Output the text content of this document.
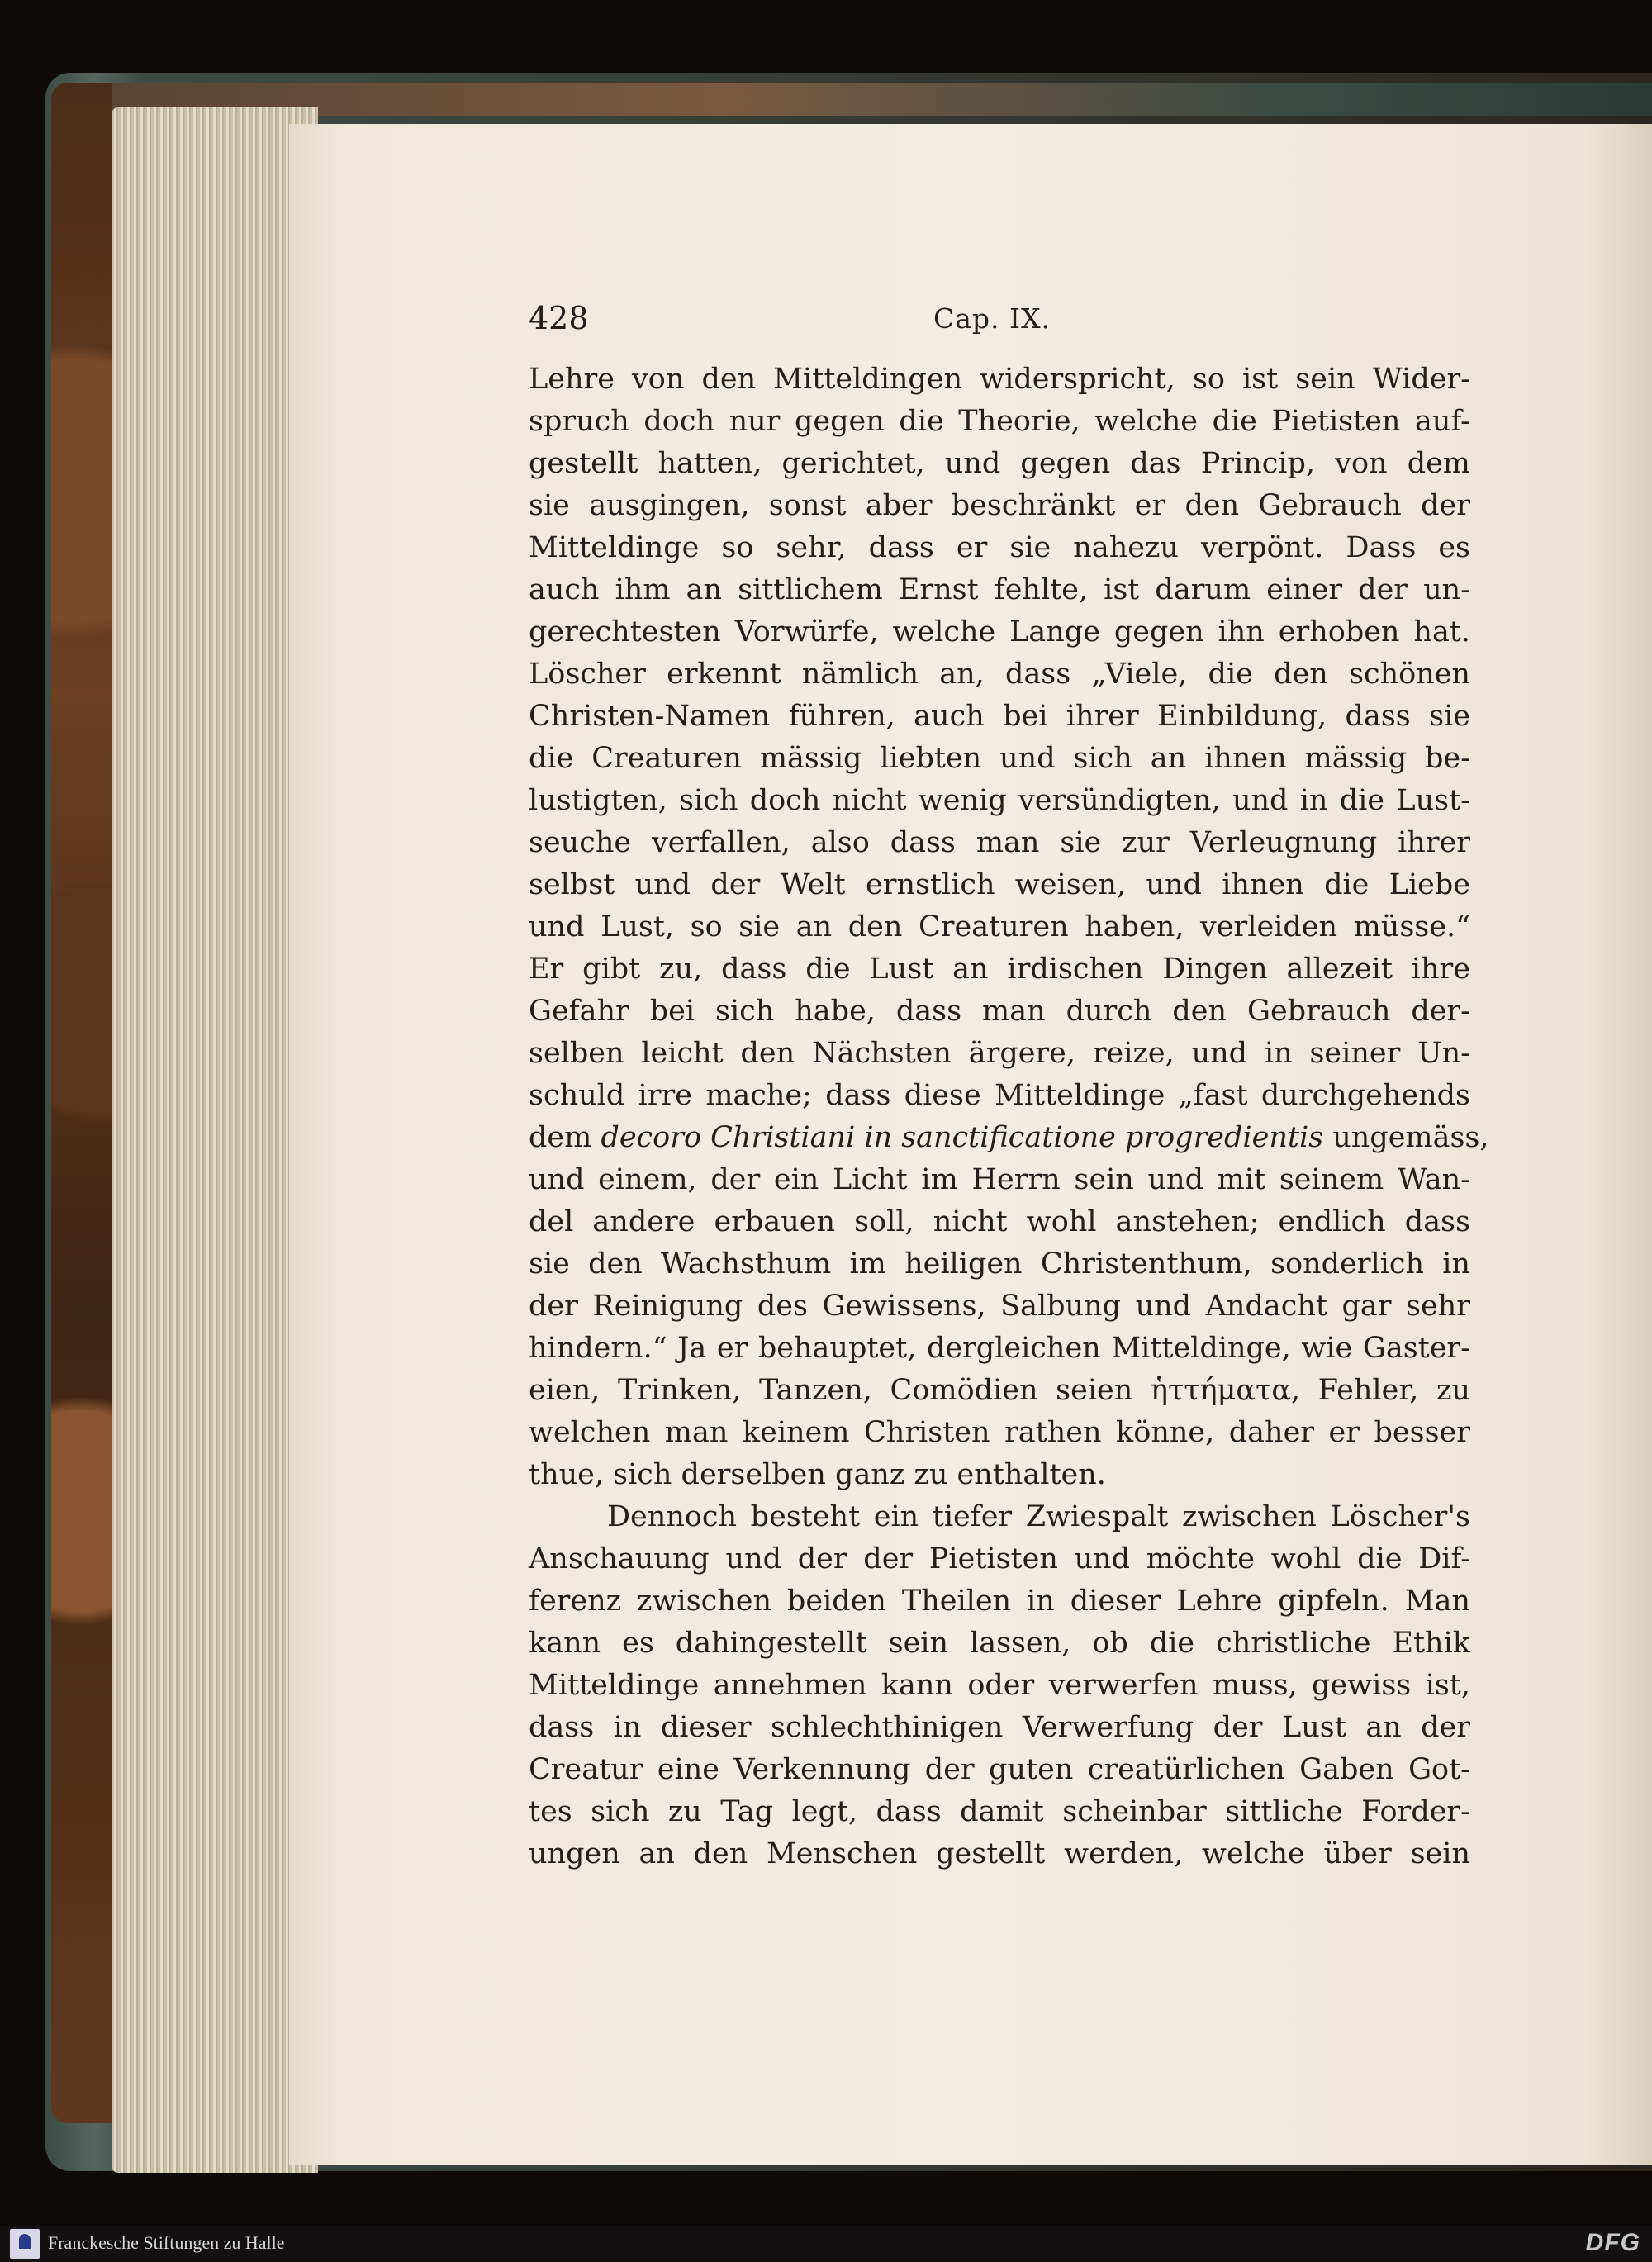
428	Cap. IX.
Lehre von den Mitteldingen widerspricht, so ist sein Wider-
spruch doch nur gegen die Theorie, welche die Pietisten auf-
gestellt hatten, gerichtet, und gegen das Princip, von dem
sie ausgingen, sonst aber beschränkt er den Gebrauch der
Mitteldinge so sehr, dass er sie nahezu verpönt. Dass es
auch ihm an sittlichem Ernst fehlte, ist darum einer der un-
gerechtesten Vorwürfe, welche Lange gegen ihn erhoben hat.
Löscher erkennt nämlich an, dass „Viele, die den schönen
Christen-Namen führen, auch bei ihrer Einbildung, dass sie
die Creaturen mässig liebten und sich an ihnen mässig be-
lustigten, sich doch nicht wenig versündigten, und in die Lust-
seuche verfallen, also dass man sie zur Verleugnung ihrer
selbst und der Welt ernstlich weisen, und ihnen die Liebe
und Lust, so sie an den Creaturen haben, verleiden müsse.“
Er gibt zu, dass die Lust an irdischen Dingen allezeit ihre
Gefahr bei sich habe, dass man durch den Gebrauch der-
selben leicht den Nächsten ärgere, reize, und in seiner Un-
schuld irre mache; dass diese Mitteldinge „fast durchgehends
dem decoro Christiani in sanctificatione progredientis ungemäss,
und einem, der ein Licht im Herrn sein und mit seinem Wan-
del andere erbauen soll, nicht wohl anstehen; endlich dass
sie den Wachsthum im heiligen Christenthum, sonderlich in
der Reinigung des Gewissens, Salbung und Andacht gar sehr
hindern.“ Ja er behauptet, dergleichen Mitteldinge, wie Gaster-
eien, Trinken, Tanzen, Comödien seien ἡττήματα, Fehler, zu
welchen man keinem Christen rathen könne, daher er besser
thue, sich derselben ganz zu enthalten.
Dennoch besteht ein tiefer Zwiespalt zwischen Löscher's
Anschauung und der der Pietisten und möchte wohl die Dif-
ferenz zwischen beiden Theilen in dieser Lehre gipfeln. Man
kann es dahingestellt sein lassen, ob die christliche Ethik
Mitteldinge annehmen kann oder verwerfen muss, gewiss ist,
dass in dieser schlechthinigen Verwerfung der Lust an der
Creatur eine Verkennung der guten creatürlichen Gaben Got-
tes sich zu Tag legt, dass damit scheinbar sittliche Forder-
ungen an den Menschen gestellt werden, welche über sein
Franckesche Stiftungen zu Halle	DFG
